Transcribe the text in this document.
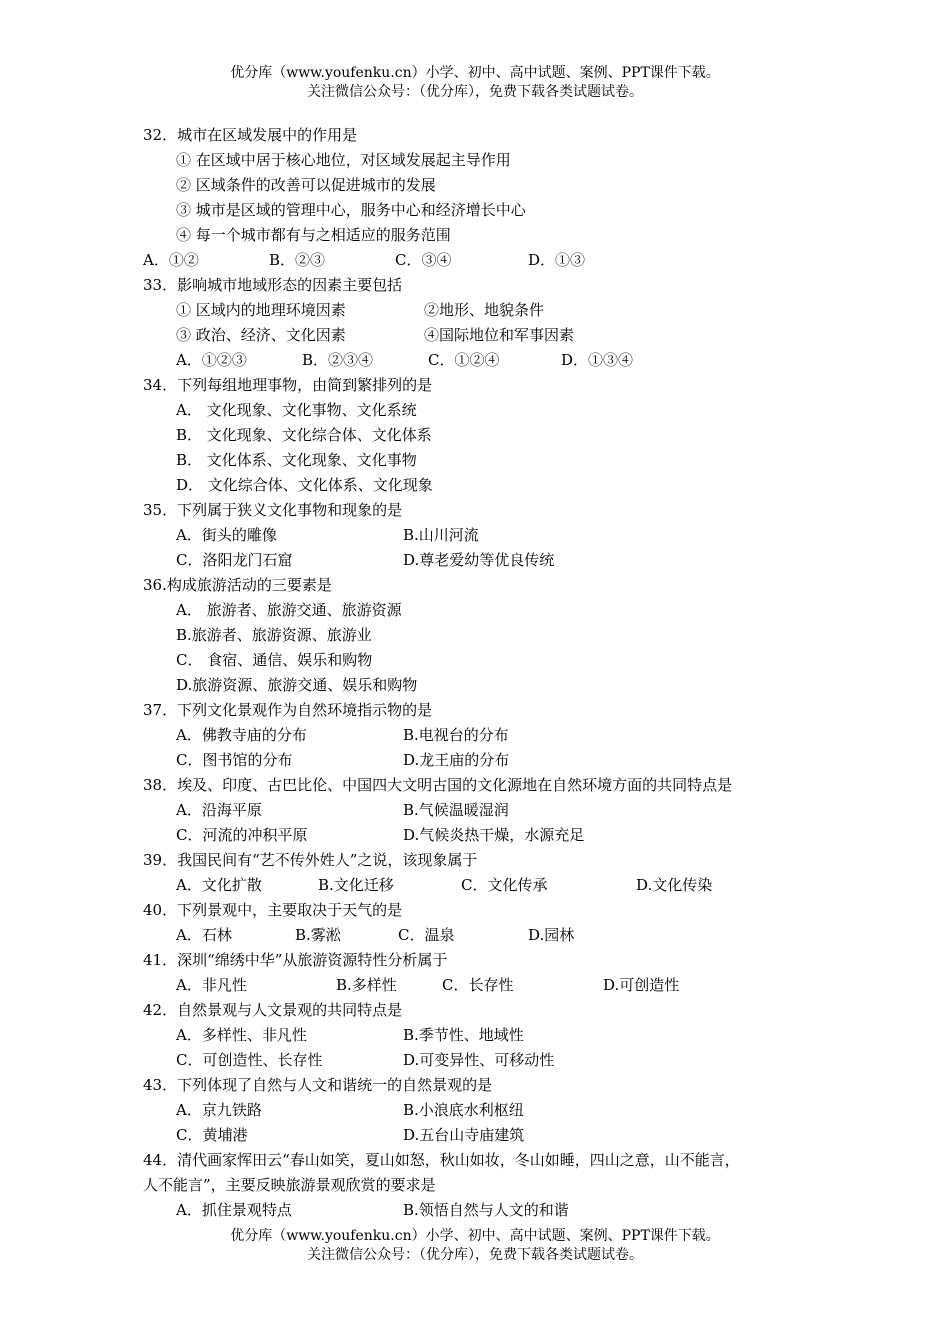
优分库（www.youfenku.cn）小学、初中、高中试题、案例、PPT课件下载。
关注微信公众号：（优分库），免费下载各类试题试卷。
32．城市在区域发展中的作用是
① 在区域中居于核心地位，对区域发展起主导作用
② 区域条件的改善可以促进城市的发展
③ 城市是区域的管理中心，服务中心和经济增长中心
④ 每一个城市都有与之相适应的服务范围
A．①②	B．②③	C．③④	D．①③
33．影响城市地域形态的因素主要包括
① 区域内的地理环境因素	②地形、地貌条件
③ 政治、经济、文化因素	④国际地位和军事因素
A．①②③	B．②③④	C．①②④	D．①③④
34．下列每组地理事物，由简到繁排列的是
A． 文化现象、文化事物、文化系统
B． 文化现象、文化综合体、文化体系
B． 文化体系、文化现象、文化事物
D． 文化综合体、文化体系、文化现象
35．下列属于狭义文化事物和现象的是
A．街头的雕像	B.山川河流
C．洛阳龙门石窟	D.尊老爱幼等优良传统
36.构成旅游活动的三要素是
A． 旅游者、旅游交通、旅游资源
B.旅游者、旅游资源、旅游业
C． 食宿、通信、娱乐和购物
D.旅游资源、旅游交通、娱乐和购物
37．下列文化景观作为自然环境指示物的是
A．佛教寺庙的分布	B.电视台的分布
C．图书馆的分布	D.龙王庙的分布
38．埃及、印度、古巴比伦、中国四大文明古国的文化源地在自然环境方面的共同特点是
A．沿海平原	B.气候温暖湿润
C．河流的冲积平原	D.气候炎热干燥，水源充足
39．我国民间有“艺不传外姓人”之说，该现象属于
A．文化扩散	B.文化迁移	C．文化传承	D.文化传染
40．下列景观中，主要取决于天气的是
A．石林	B.雾淞	C．温泉	D.园林
41．深圳“绵绣中华”从旅游资源特性分析属于
A．非凡性	B.多样性	C．长存性	D.可创造性
42．自然景观与人文景观的共同特点是
A．多样性、非凡性	B.季节性、地域性
C．可创造性、长存性	D.可变异性、可移动性
43．下列体现了自然与人文和谐统一的自然景观的是
A．京九铁路	B.小浪底水利枢纽
C．黄埔港	D.五台山寺庙建筑
44．清代画家恽田云“春山如笑，夏山如怒，秋山如妆，冬山如睡，四山之意，山不能言，
人不能言”，主要反映旅游景观欣赏的要求是
A．抓住景观特点	B.领悟自然与人文的和谐
优分库（www.youfenku.cn）小学、初中、高中试题、案例、PPT课件下载。
关注微信公众号：（优分库），免费下载各类试题试卷。
